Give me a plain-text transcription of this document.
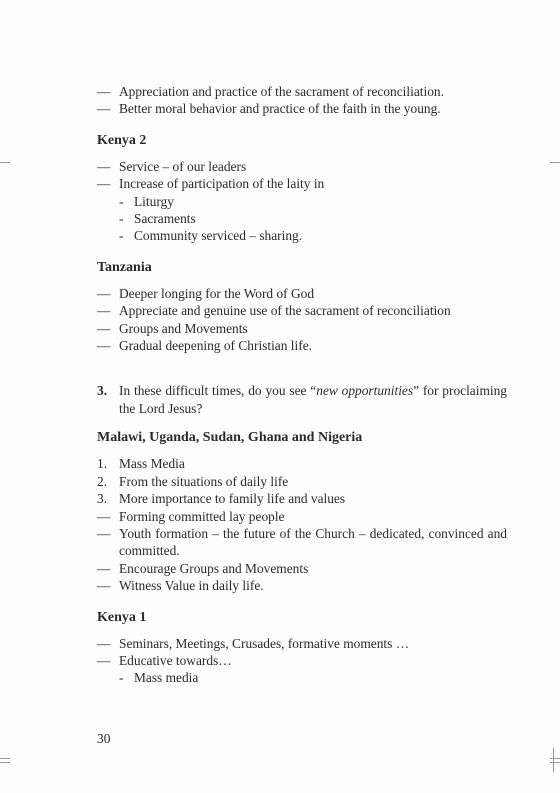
— Appreciation and practice of the sacrament of reconciliation.
— Better moral behavior and practice of the faith in the young.
Kenya 2
— Service – of our leaders
— Increase of participation of the laity in
- Liturgy
- Sacraments
- Community serviced – sharing.
Tanzania
— Deeper longing for the Word of God
— Appreciate and genuine use of the sacrament of reconciliation
— Groups and Movements
— Gradual deepening of Christian life.
3. In these difficult times, do you see “new opportunities” for proclaiming the Lord Jesus?
Malawi, Uganda, Sudan, Ghana and Nigeria
1. Mass Media
2. From the situations of daily life
3. More importance to family life and values
— Forming committed lay people
— Youth formation – the future of the Church – dedicated, convinced and committed.
— Encourage Groups and Movements
— Witness Value in daily life.
Kenya 1
— Seminars, Meetings, Crusades, formative moments …
— Educative towards…
- Mass media
30
